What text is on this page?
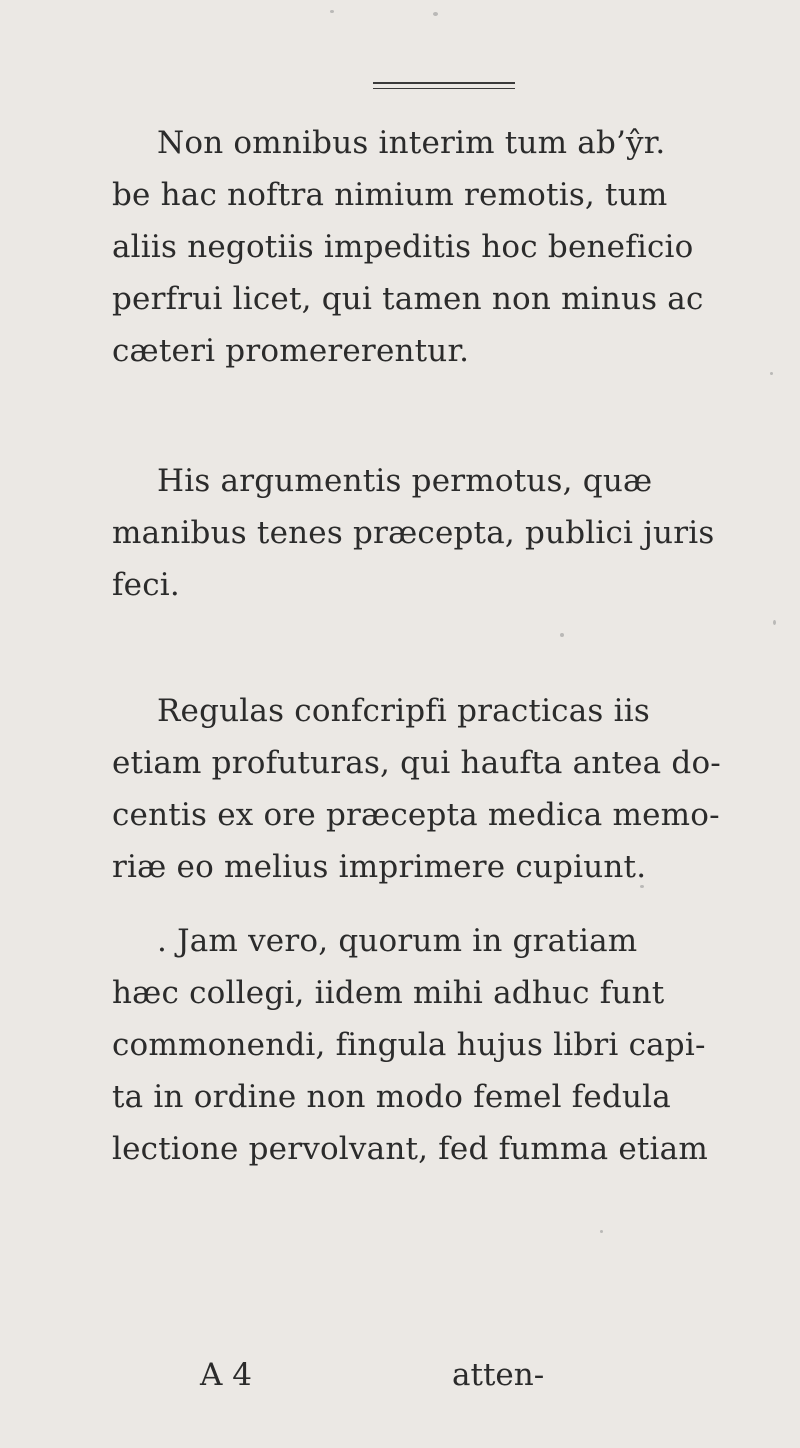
Non omnibus interim tum ab’ŷr.
be hac noftra nimium remotis, tum
aliis negotiis impeditis hoc beneficio
perfrui licet, qui tamen non minus ac
cæteri promererentur.
His argumentis permotus, quæ
manibus tenes præcepta, publici juris
feci.
Regulas confcripfi practicas iis
etiam profuturas, qui haufta antea do-
centis ex ore præcepta medica memo-
riæ eo melius imprimere cupiunt.
. Jam vero, quorum in gratiam
hæc collegi, iidem mihi adhuc funt
commonendi, fingula hujus libri capi-
ta in ordine non modo femel fedula
lectione pervolvant, fed fumma etiam
A 4	atten-
